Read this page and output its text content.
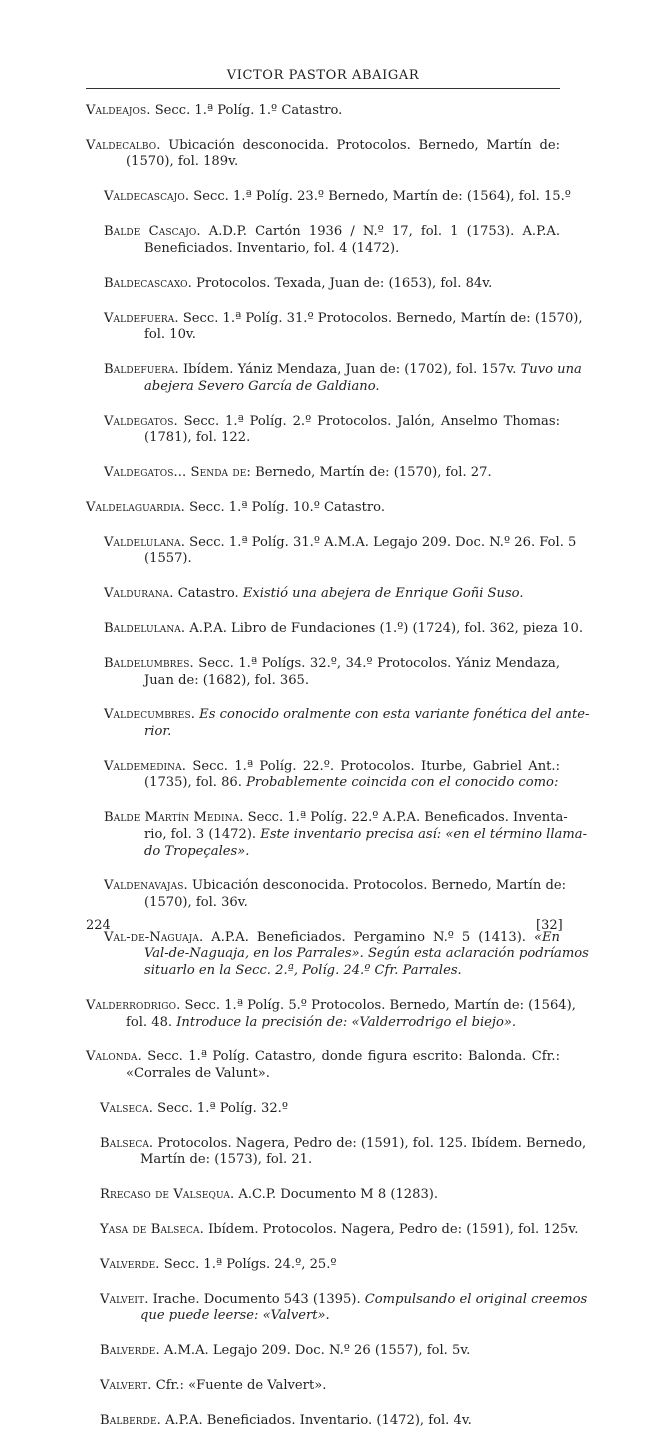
VICTOR PASTOR ABAIGAR
Valdeajos. Secc. 1.ª Políg. 1.º Catastro.
Valdecalbo. Ubicación desconocida. Protocolos. Bernedo, Martín de:
(1570), fol. 189v.
Valdecascajo. Secc. 1.ª Políg. 23.º Bernedo, Martín de: (1564), fol. 15.º
Balde Cascajo. A.D.P. Cartón 1936 / N.º 17, fol. 1 (1753). A.P.A.
Beneficiados. Inventario, fol. 4 (1472).
Baldecascaxo. Protocolos. Texada, Juan de: (1653), fol. 84v.
Valdefuera. Secc. 1.ª Políg. 31.º Protocolos. Bernedo, Martín de: (1570),
fol. 10v.
Baldefuera. Ibídem. Yániz Mendaza, Juan de: (1702), fol. 157v. Tuvo una
abejera Severo García de Galdiano.
Valdegatos. Secc. 1.ª Políg. 2.º Protocolos. Jalón, Anselmo Thomas:
(1781), fol. 122.
Valdegatos... Senda de: Bernedo, Martín de: (1570), fol. 27.
Valdelaguardia. Secc. 1.ª Políg. 10.º Catastro.
Valdelulana. Secc. 1.ª Políg. 31.º A.M.A. Legajo 209. Doc. N.º 26. Fol. 5
(1557).
Valdurana. Catastro. Existió una abejera de Enrique Goñi Suso.
Baldelulana. A.P.A. Libro de Fundaciones (1.º) (1724), fol. 362, pieza 10.
Baldelumbres. Secc. 1.ª Polígs. 32.º, 34.º Protocolos. Yániz Mendaza,
Juan de: (1682), fol. 365.
Valdecumbres. Es conocido oralmente con esta variante fonética del ante-
rior.
Valdemedina. Secc. 1.ª Políg. 22.º. Protocolos. Iturbe, Gabriel Ant.:
(1735), fol. 86. Probablemente coincida con el conocido como:
Balde Martín Medina. Secc. 1.ª Políg. 22.º A.P.A. Beneficados. Inventa-
rio, fol. 3 (1472). Este inventario precisa así: «en el término llama-
do Tropeçales».
Valdenavajas. Ubicación desconocida. Protocolos. Bernedo, Martín de:
(1570), fol. 36v.
Val-de-Naguaja. A.P.A. Beneficiados. Pergamino N.º 5 (1413). «En
Val-de-Naguaja, en los Parrales». Según esta aclaración podríamos
situarlo en la Secc. 2.ª, Políg. 24.º Cfr. Parrales.
Valderrodrigo. Secc. 1.ª Políg. 5.º Protocolos. Bernedo, Martín de: (1564),
fol. 48. Introduce la precisión de: «Valderrodrigo el biejo».
Valonda. Secc. 1.ª Políg. Catastro, donde figura escrito: Balonda. Cfr.:
«Corrales de Valunt».
Valseca. Secc. 1.ª Políg. 32.º
Balseca. Protocolos. Nagera, Pedro de: (1591), fol. 125. Ibídem. Bernedo,
Martín de: (1573), fol. 21.
Rrecaso de Valsequa. A.C.P. Documento M 8 (1283).
Yasa de Balseca. Ibídem. Protocolos. Nagera, Pedro de: (1591), fol. 125v.
Valverde. Secc. 1.ª Polígs. 24.º, 25.º
Valveit. Irache. Documento 543 (1395). Compulsando el original creemos
que puede leerse: «Valvert».
Balverde. A.M.A. Legajo 209. Doc. N.º 26 (1557), fol. 5v.
Valvert. Cfr.: «Fuente de Valvert».
Balberde. A.P.A. Beneficiados. Inventario. (1472), fol. 4v.
224	[32]
